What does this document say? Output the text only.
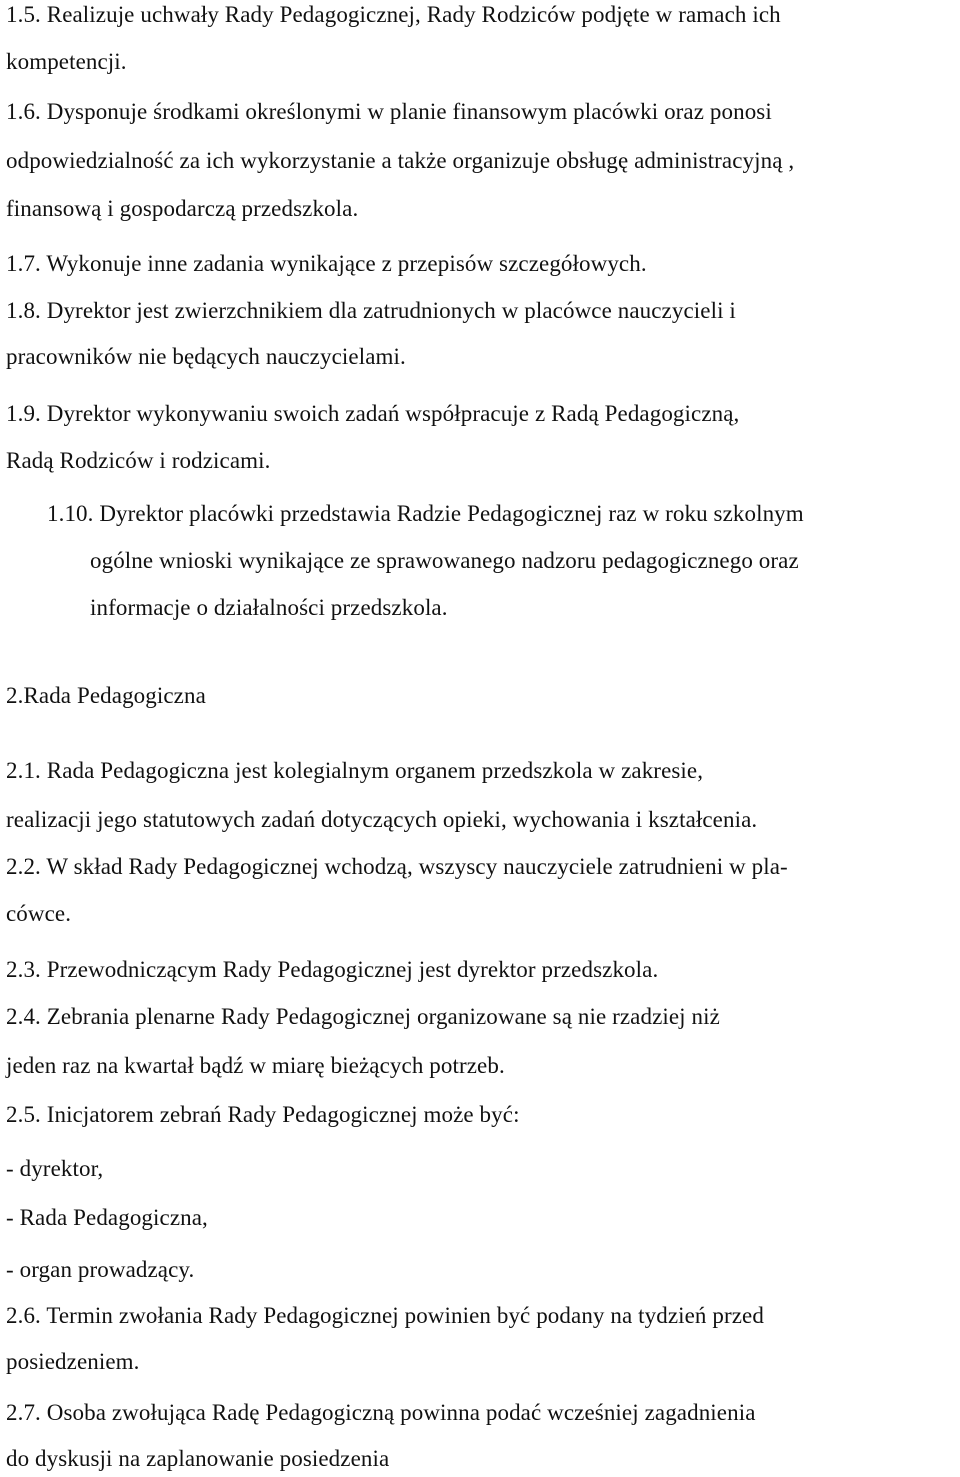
1.5. Realizuje uchwały Rady Pedagogicznej, Rady Rodziców podjęte w ramach ich
kompetencji.
1.6. Dysponuje środkami określonymi w planie finansowym placówki oraz ponosi
odpowiedzialność za ich wykorzystanie a także organizuje obsługę administracyjną ,
finansową i gospodarczą przedszkola.
1.7. Wykonuje inne zadania wynikające z przepisów szczegółowych.
1.8. Dyrektor jest zwierzchnikiem dla zatrudnionych w placówce nauczycieli i
pracowników nie będących nauczycielami.
1.9. Dyrektor wykonywaniu swoich zadań współpracuje z Radą Pedagogiczną,
Radą Rodziców i rodzicami.
1.10. Dyrektor placówki przedstawia Radzie Pedagogicznej raz w roku szkolnym
ogólne wnioski wynikające ze sprawowanego nadzoru pedagogicznego oraz
informacje o działalności przedszkola.
2.Rada Pedagogiczna
2.1. Rada Pedagogiczna jest kolegialnym organem przedszkola w zakresie,
realizacji jego statutowych zadań dotyczących opieki, wychowania i kształcenia.
2.2. W skład Rady Pedagogicznej wchodzą, wszyscy nauczyciele zatrudnieni w pla-
cówce.
2.3. Przewodniczącym Rady Pedagogicznej jest dyrektor przedszkola.
2.4. Zebrania plenarne Rady Pedagogicznej organizowane są nie rzadziej niż
jeden raz na kwartał bądź w miarę bieżących potrzeb.
2.5. Inicjatorem zebrań Rady Pedagogicznej może być:
- dyrektor,
- Rada Pedagogiczna,
- organ prowadzący.
2.6. Termin zwołania Rady Pedagogicznej powinien być podany na tydzień przed
posiedzeniem.
2.7. Osoba zwołująca Radę Pedagogiczną powinna podać wcześniej zagadnienia
do dyskusji na zaplanowanie posiedzenia
